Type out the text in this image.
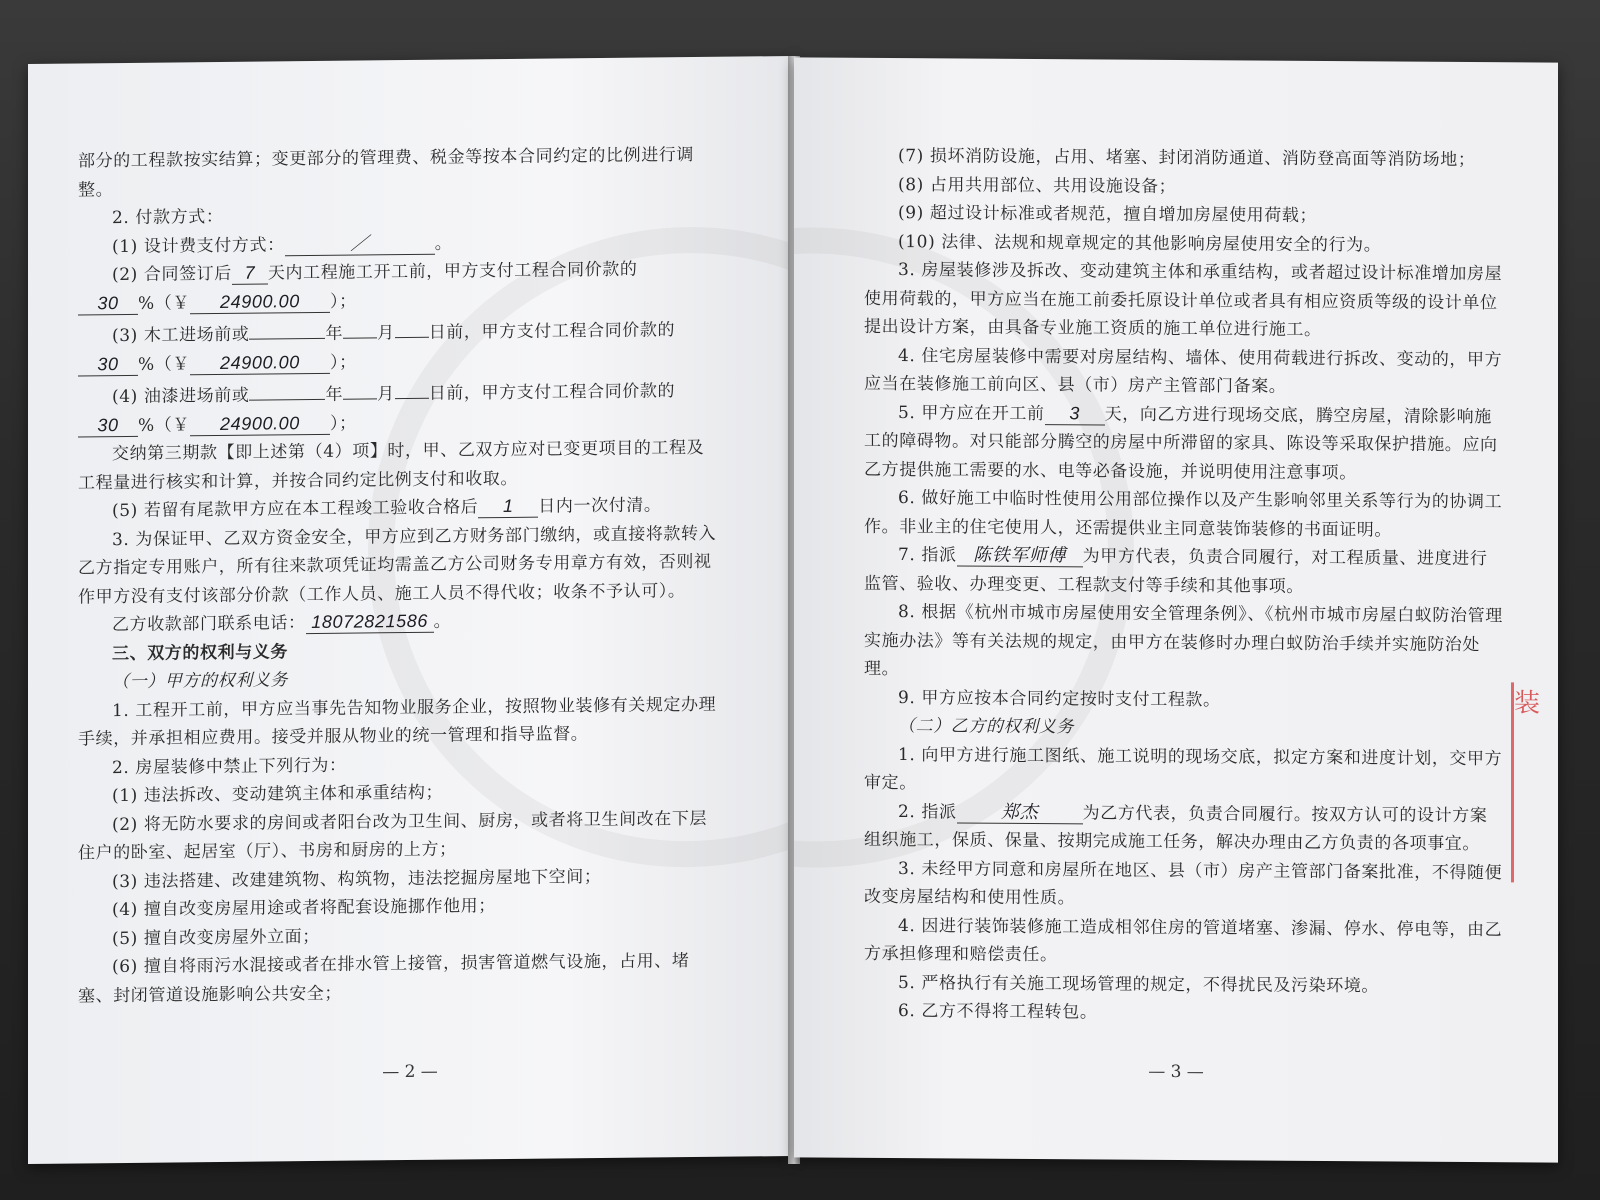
部分的工程款按实结算；变更部分的管理费、税金等按本合同约定的比例进行调整。

2. 付款方式：

(1) 设计费支付方式：	／	。

(2) 合同签订后 7 天内工程施工开工前，甲方支付工程合同价款的

30 %（￥ 24900.00 ）；

(3) 木工进场前或	年 月 日前，甲方支付工程合同价款的

30 %（￥ 24900.00 ）；

(4) 油漆进场前或	年 月 日前，甲方支付工程合同价款的

30 %（￥ 24900.00 ）；

交纳第三期款【即上述第（4）项】时，甲、乙双方应对已变更项目的工程及工程量进行核实和计算，并按合同约定比例支付和收取。

(5) 若留有尾款甲方应在本工程竣工验收合格后 1 日内一次付清。

3. 为保证甲、乙双方资金安全，甲方应到乙方财务部门缴纳，或直接将款转入乙方指定专用账户，所有往来款项凭证均需盖乙方公司财务专用章方有效，否则视作甲方没有支付该部分价款（工作人员、施工人员不得代收；收条不予认可）。

乙方收款部门联系电话： 18072821586 。

三、双方的权利与义务

（一）甲方的权利义务

1. 工程开工前，甲方应当事先告知物业服务企业，按照物业装修有关规定办理手续，并承担相应费用。接受并服从物业的统一管理和指导监督。

2. 房屋装修中禁止下列行为：

(1) 违法拆改、变动建筑主体和承重结构；

(2) 将无防水要求的房间或者阳台改为卫生间、厨房，或者将卫生间改在下层住户的卧室、起居室（厅）、书房和厨房的上方；

(3) 违法搭建、改建建筑物、构筑物，违法挖掘房屋地下空间；

(4) 擅自改变房屋用途或者将配套设施挪作他用；

(5) 擅自改变房屋外立面；

(6) 擅自将雨污水混接或者在排水管上接管，损害管道燃气设施，占用、堵塞、封闭管道设施影响公共安全；

— 2 —

(7) 损坏消防设施，占用、堵塞、封闭消防通道、消防登高面等消防场地；

(8) 占用共用部位、共用设施设备；

(9) 超过设计标准或者规范，擅自增加房屋使用荷载；

(10) 法律、法规和规章规定的其他影响房屋使用安全的行为。

3. 房屋装修涉及拆改、变动建筑主体和承重结构，或者超过设计标准增加房屋使用荷载的，甲方应当在施工前委托原设计单位或者具有相应资质等级的设计单位提出设计方案，由具备专业施工资质的施工单位进行施工。

4. 住宅房屋装修中需要对房屋结构、墙体、使用荷载进行拆改、变动的，甲方应当在装修施工前向区、县（市）房产主管部门备案。

5. 甲方应在开工前 3 天，向乙方进行现场交底，腾空房屋，清除影响施工的障碍物。对只能部分腾空的房屋中所滞留的家具、陈设等采取保护措施。应向乙方提供施工需要的水、电等必备设施，并说明使用注意事项。

6. 做好施工中临时性使用公用部位操作以及产生影响邻里关系等行为的协调工作。非业主的住宅使用人，还需提供业主同意装饰装修的书面证明。

7. 指派 陈铁军师傅 为甲方代表，负责合同履行，对工程质量、进度进行监管、验收、办理变更、工程款支付等手续和其他事项。

8. 根据《杭州市城市房屋使用安全管理条例》、《杭州市城市房屋白蚁防治管理实施办法》等有关法规的规定，由甲方在装修时办理白蚁防治手续并实施防治处理。

9. 甲方应按本合同约定按时支付工程款。

（二）乙方的权利义务

1. 向甲方进行施工图纸、施工说明的现场交底，拟定方案和进度计划，交甲方审定。

2. 指派 郑杰	为乙方代表，负责合同履行。按双方认可的设计方案组织施工，保质、保量、按期完成施工任务，解决办理由乙方负责的各项事宜。

3. 未经甲方同意和房屋所在地区、县（市）房产主管部门备案批准，不得随便改变房屋结构和使用性质。

4. 因进行装饰装修施工造成相邻住房的管道堵塞、渗漏、停水、停电等，由乙方承担修理和赔偿责任。

5. 严格执行有关施工现场管理的规定，不得扰民及污染环境。

6. 乙方不得将工程转包。

— 3 —
装
